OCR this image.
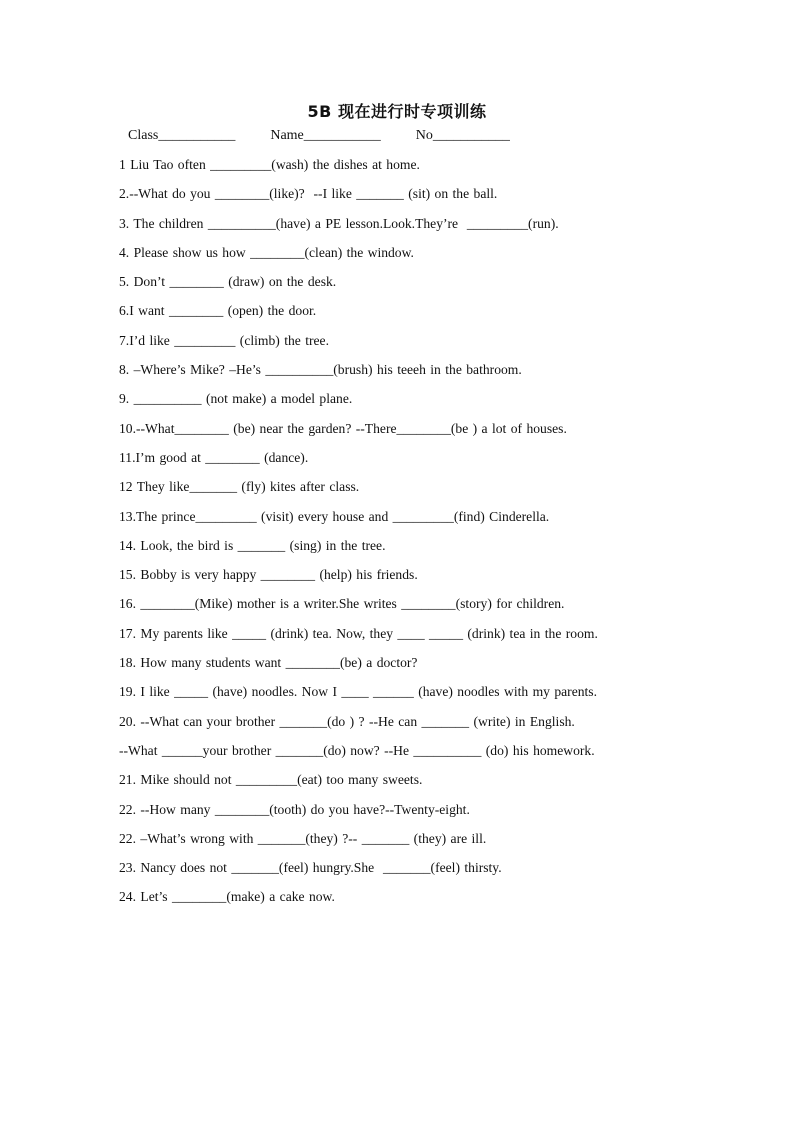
5B 现在进行时专项训练
Class___________	Name___________	No___________
1 Liu Tao often _________(wash) the dishes at home.
2.--What do you ________(like)?  --I like _______ (sit) on the ball.
3. The children __________(have) a PE lesson.Look.They’re  _________(run).
4. Please show us how ________(clean) the window.
5. Don’t ________ (draw) on the desk.
6.I want ________ (open) the door.
7.I’d like _________ (climb) the tree.
8. –Where’s Mike? –He’s __________(brush) his teeeh in the bathroom.
9. __________ (not make) a model plane.
10.--What________ (be) near the garden? --There________(be ) a lot of houses.
11.I’m good at ________ (dance).
12 They like_______ (fly) kites after class.
13.The prince_________ (visit) every house and _________(find) Cinderella.
14. Look, the bird is _______ (sing) in the tree.
15. Bobby is very happy ________ (help) his friends.
16. ________(Mike) mother is a writer.She writes ________(story) for children.
17. My parents like _____ (drink) tea. Now, they ____ _____ (drink) tea in the room.
18. How many students want ________(be) a doctor?
19. I like _____ (have) noodles. Now I ____ ______ (have) noodles with my parents.
20. --What can your brother _______(do ) ? --He can _______ (write) in English.
--What ______your brother _______(do) now? --He __________ (do) his homework.
21. Mike should not _________(eat) too many sweets.
22. --How many ________(tooth) do you have?--Twenty-eight.
22. –What’s wrong with _______(they) ?-- _______ (they) are ill.
23. Nancy does not _______(feel) hungry.She  _______(feel) thirsty.
24. Let’s ________(make) a cake now.
